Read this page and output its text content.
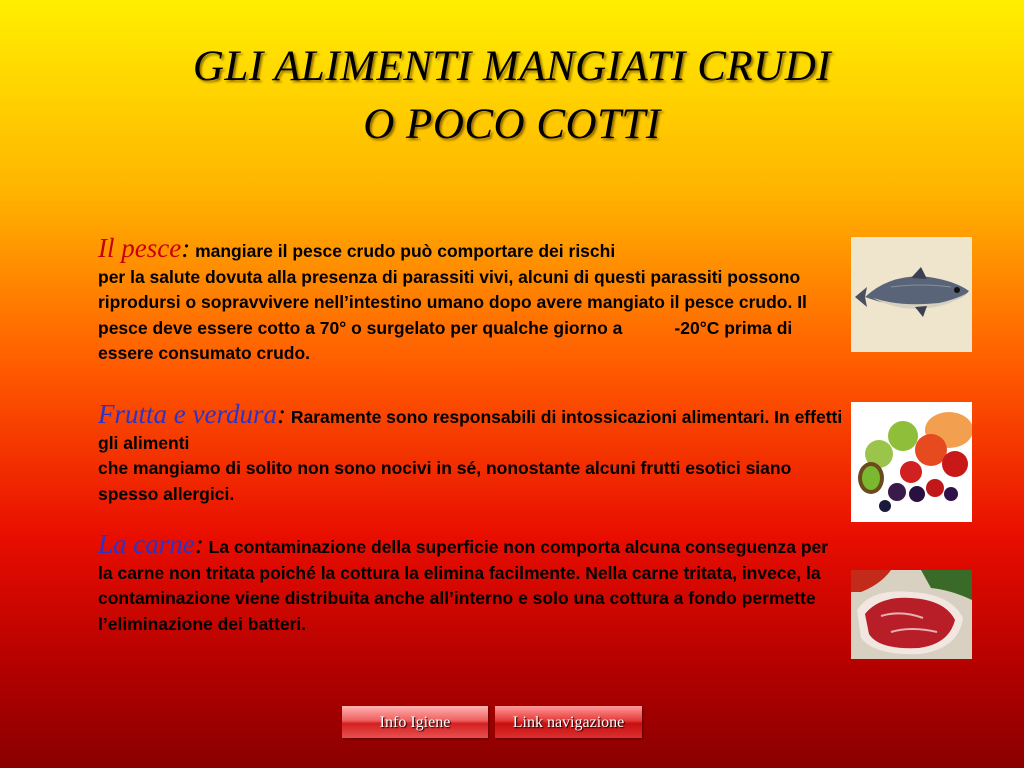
GLI ALIMENTI MANGIATI CRUDI
O POCO COTTI
Il pesce: mangiare il pesce crudo può comportare dei rischi
per la salute dovuta alla presenza di parassiti vivi, alcuni di questi parassiti possono riprodursi o sopravvivere nell’intestino umano dopo avere mangiato il pesce crudo. Il pesce deve essere cotto a 70° o surgelato per qualche giorno a	-20°C prima di essere consumato crudo.
Frutta e verdura: Raramente sono responsabili di intossicazioni alimentari. In effetti gli alimenti
che mangiamo di solito non sono nocivi in sé, nonostante alcuni frutti esotici siano spesso allergici.
La carne: La contaminazione della superficie non comporta alcuna conseguenza per la carne non tritata poiché la cottura la elimina facilmente. Nella carne tritata, invece, la contaminazione viene distribuita anche all’interno e solo una cottura a fondo permette l’eliminazione dei batteri.
Info Igiene	Link navigazione
